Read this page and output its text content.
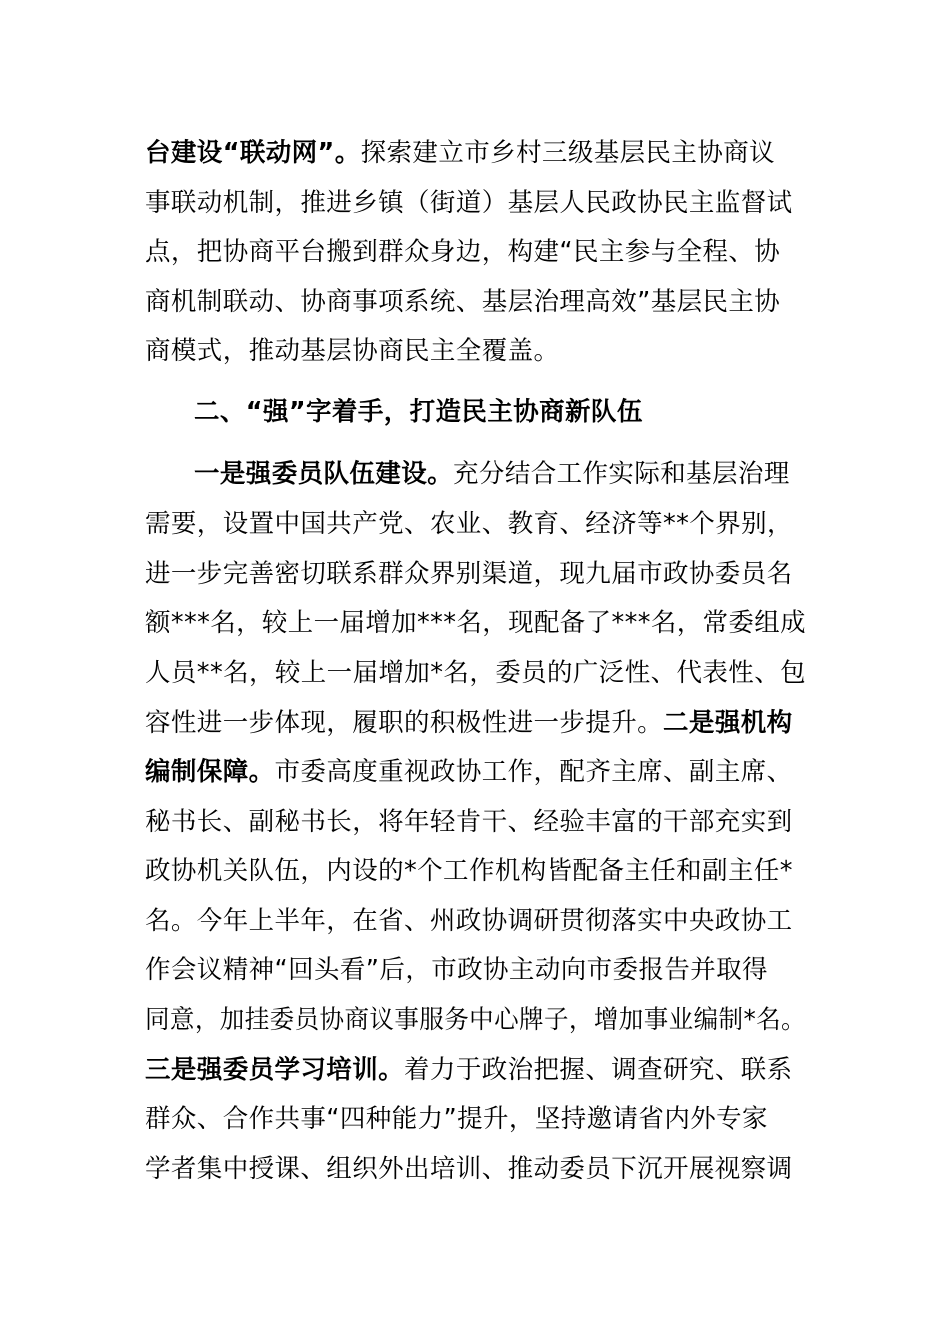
台建设“联动网”。探索建立市乡村三级基层民主协商议
事联动机制，推进乡镇（街道）基层人民政协民主监督试
点，把协商平台搬到群众身边，构建“民主参与全程、协
商机制联动、协商事项系统、基层治理高效”基层民主协
商模式，推动基层协商民主全覆盖。
二、“强”字着手，打造民主协商新队伍
一是强委员队伍建设。充分结合工作实际和基层治理
需要，设置中国共产党、农业、教育、经济等**个界别，
进一步完善密切联系群众界别渠道，现九届市政协委员名
额***名，较上一届增加***名，现配备了***名，常委组成
人员**名，较上一届增加*名，委员的广泛性、代表性、包
容性进一步体现，履职的积极性进一步提升。二是强机构
编制保障。市委高度重视政协工作，配齐主席、副主席、
秘书长、副秘书长，将年轻肯干、经验丰富的干部充实到
政协机关队伍，内设的*个工作机构皆配备主任和副主任*
名。今年上半年，在省、州政协调研贯彻落实中央政协工
作会议精神“回头看”后，市政协主动向市委报告并取得
同意，加挂委员协商议事服务中心牌子，增加事业编制*名。
三是强委员学习培训。着力于政治把握、调查研究、联系
群众、合作共事“四种能力”提升，坚持邀请省内外专家
学者集中授课、组织外出培训、推动委员下沉开展视察调
